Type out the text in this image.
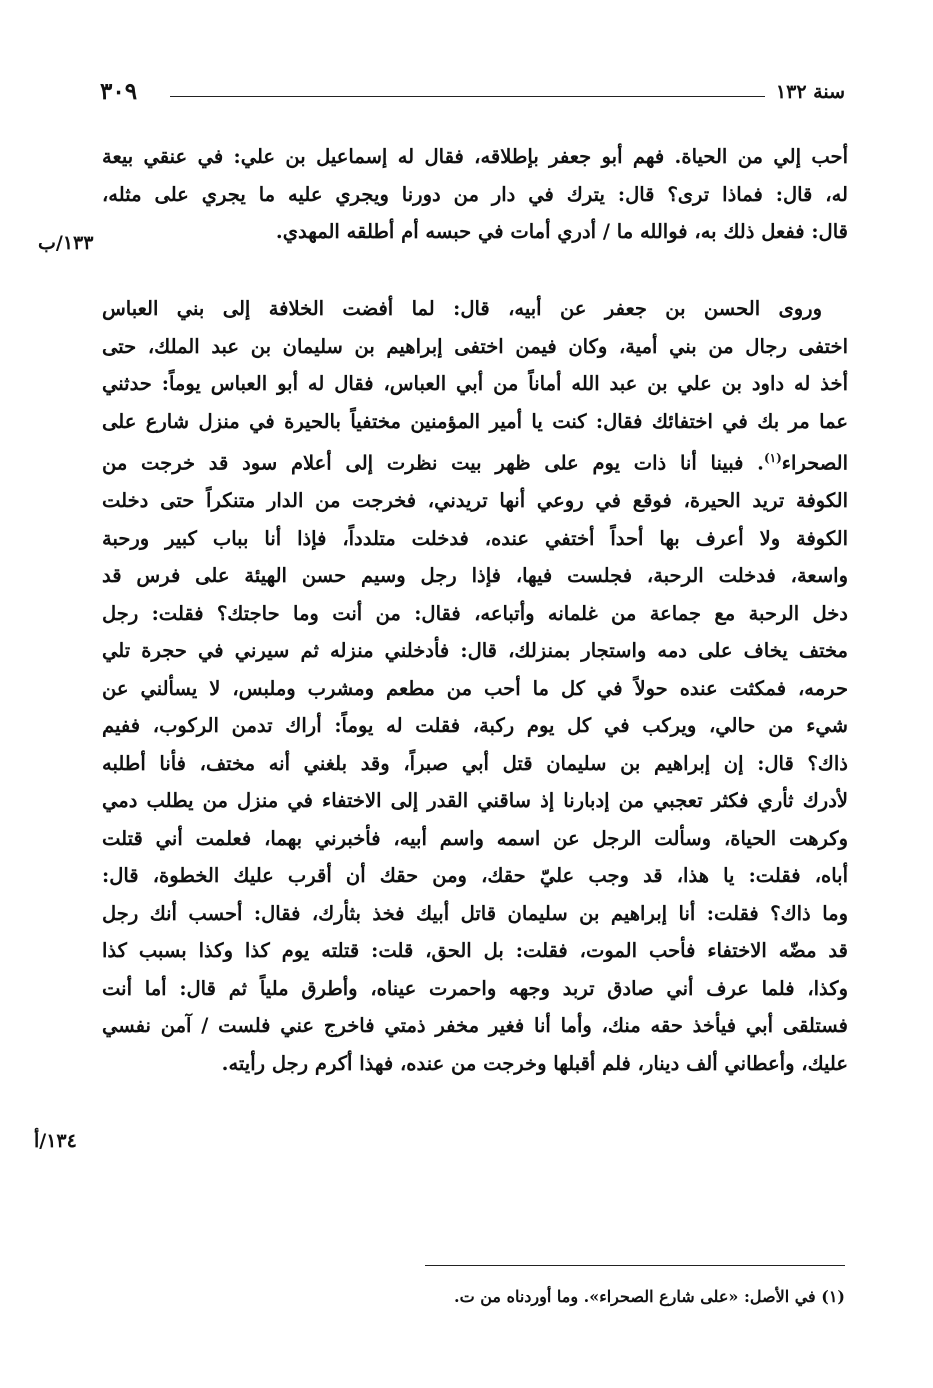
٣٠٩	سنة ١٣٢
١٣٣/ب
١٣٤/أ
أحب إلي من الحياة. فهم أبو جعفر بإطلاقه، فقال له إسماعيل بن علي: في عنقي بيعة
له، قال: فماذا ترى؟ قال: يترك في دار من دورنا ويجري عليه ما يجري على مثله،
قال: ففعل ذلك به، فوالله ما / أدري أمات في حبسه أم أطلقه المهدي.
وروى الحسن بن جعفر عن أبيه، قال: لما أفضت الخلافة إلى بني العباس
اختفى رجال من بني أمية، وكان فيمن اختفى إبراهيم بن سليمان بن عبد الملك، حتى
أخذ له داود بن علي بن عبد الله أماناً من أبي العباس، فقال له أبو العباس يوماً: حدثني
عما مر بك في اختفائك فقال: كنت يا أمير المؤمنين مختفياً بالحيرة في منزل شارع على
الصحراء$^{(١)}$. فبينا أنا ذات يوم على ظهر بيت نظرت إلى أعلام سود قد خرجت من
الكوفة تريد الحيرة، فوقع في روعي أنها تريدني، فخرجت من الدار متنكراً حتى دخلت
الكوفة ولا أعرف بها أحداً أختفي عنده، فدخلت متلدداً، فإذا أنا بباب كبير ورحبة
واسعة، فدخلت الرحبة، فجلست فيها، فإذا رجل وسيم حسن الهيئة على فرس قد
دخل الرحبة مع جماعة من غلمانه وأتباعه، فقال: من أنت وما حاجتك؟ فقلت: رجل
مختف يخاف على دمه واستجار بمنزلك، قال: فأدخلني منزله ثم سيرني في حجرة تلي
حرمه، فمكثت عنده حولاً في كل ما أحب من مطعم ومشرب وملبس، لا يسألني عن
شيء من حالي، ويركب في كل يوم ركبة، فقلت له يوماً: أراك تدمن الركوب، ففيم
ذاك؟ قال: إن إبراهيم بن سليمان قتل أبي صبراً، وقد بلغني أنه مختف، فأنا أطلبه
لأدرك ثأري فكثر تعجبي من إدبارنا إذ ساقني القدر إلى الاختفاء في منزل من يطلب دمي
وكرهت الحياة، وسألت الرجل عن اسمه واسم أبيه، فأخبرني بهما، فعلمت أني قتلت
أباه، فقلت: يا هذا، قد وجب عليّ حقك، ومن حقك أن أقرب عليك الخطوة، قال:
وما ذاك؟ فقلت: أنا إبراهيم بن سليمان قاتل أبيك فخذ بثأرك، فقال: أحسب أنك رجل
قد مضّه الاختفاء فأحب الموت، فقلت: بل الحق، قلت: قتلته يوم كذا وكذا بسبب كذا
وكذا، فلما عرف أني صادق تربد وجهه واحمرت عيناه، وأطرق ملياً ثم قال: أما أنت
فستلقى أبي فيأخذ حقه منك، وأما أنا فغير مخفر ذمتي فاخرج عني فلست / آمن نفسي
عليك، وأعطاني ألف دينار، فلم أقبلها وخرجت من عنده، فهذا أكرم رجل رأيته.
(١) في الأصل: «على شارع الصحراء». وما أوردناه من ت.
